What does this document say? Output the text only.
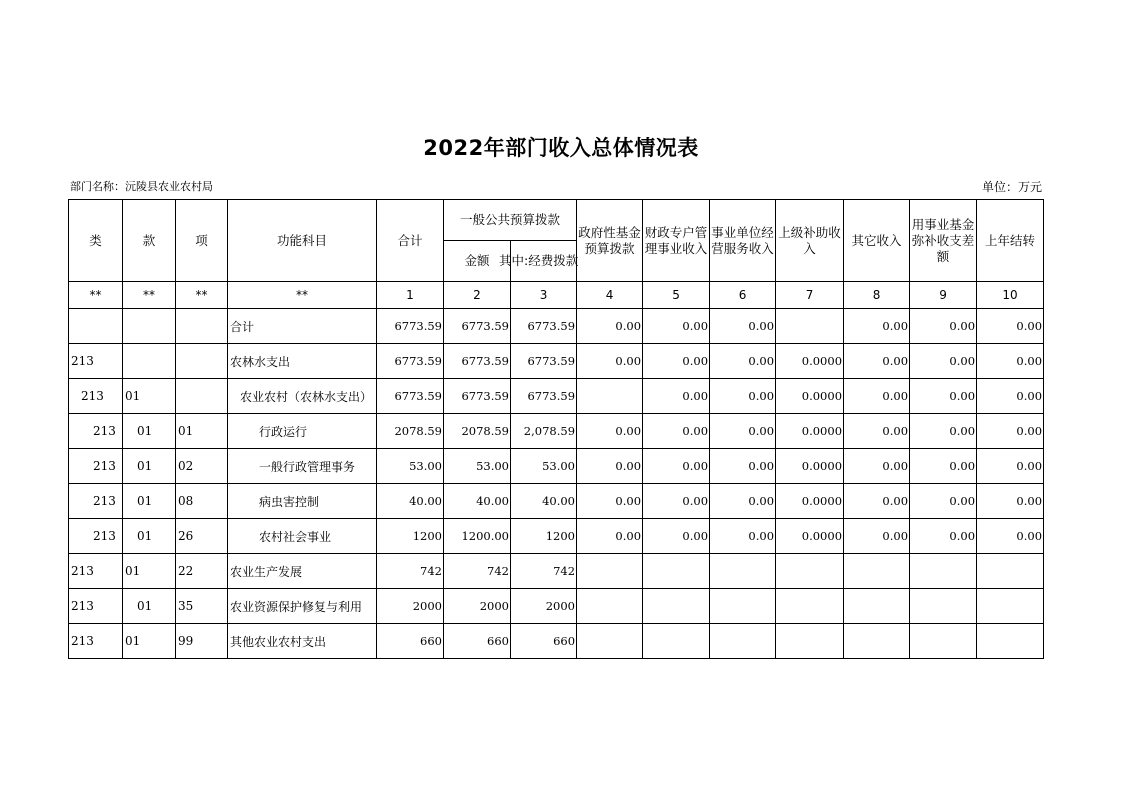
2022年部门收入总体情况表
部门名称：沅陵县农业农村局	单位：万元
类	款	项	功能科目	合计	一般公共预算拨款		政府性基金预算拨款	财政专户管理事业收入	事业单位经营服务收入	上级补助收入	其它收入	用事业基金弥补收支差额	上年结转
					金额	其中:经费拨款							
**	**	**	**	1	2	3	4	5	6	7	8	9	10
			合计	6773.59	6773.59	6773.59	0.00	0.00	0.00		0.00	0.00	0.00
213			农林水支出	6773.59	6773.59	6773.59	0.00	0.00	0.00	0.0000	0.00	0.00	0.00
213	01		农业农村（农林水支出）	6773.59	6773.59	6773.59		0.00	0.00	0.0000	0.00	0.00	0.00
213	01	01	行政运行	2078.59	2078.59	2,078.59	0.00	0.00	0.00	0.0000	0.00	0.00	0.00
213	01	02	一般行政管理事务	53.00	53.00	53.00	0.00	0.00	0.00	0.0000	0.00	0.00	0.00
213	01	08	病虫害控制	40.00	40.00	40.00	0.00	0.00	0.00	0.0000	0.00	0.00	0.00
213	01	26	农村社会事业	1200	1200.00	1200	0.00	0.00	0.00	0.0000	0.00	0.00	0.00
213	01	22	农业生产发展	742	742	742							
213	01	35	农业资源保护修复与利用	2000	2000	2000							
213	01	99	其他农业农村支出	660	660	660							
